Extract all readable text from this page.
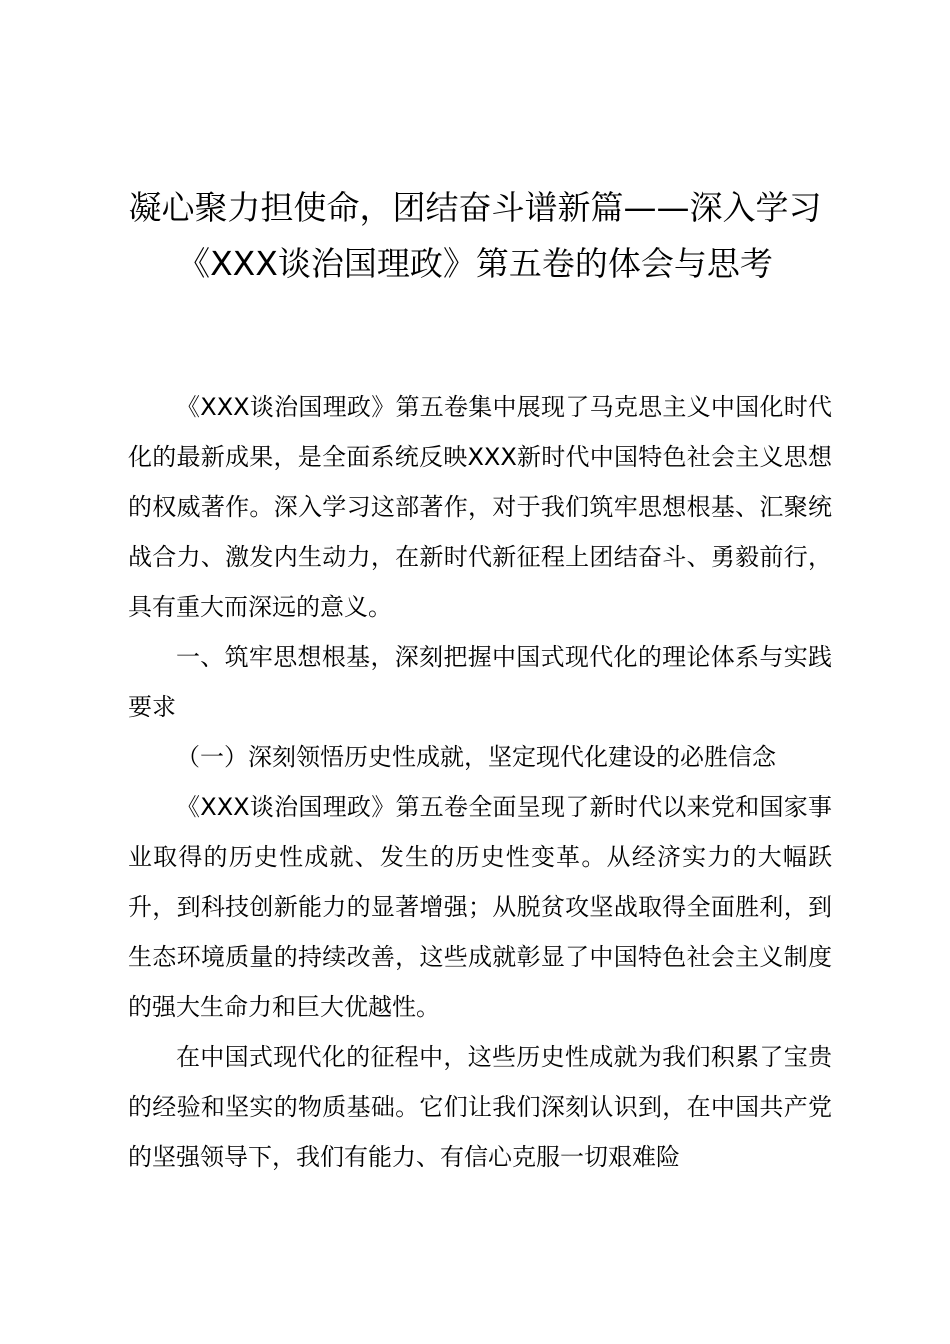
凝心聚力担使命，团结奋斗谱新篇——深入学习《XXX谈治国理政》第五卷的体会与思考

《XXX谈治国理政》第五卷集中展现了马克思主义中国化时代化的最新成果，是全面系统反映XXX新时代中国特色社会主义思想的权威著作。深入学习这部著作，对于我们筑牢思想根基、汇聚统战合力、激发内生动力，在新时代新征程上团结奋斗、勇毅前行，具有重大而深远的意义。

一、筑牢思想根基，深刻把握中国式现代化的理论体系与实践要求

（一）深刻领悟历史性成就，坚定现代化建设的必胜信念

《XXX谈治国理政》第五卷全面呈现了新时代以来党和国家事业取得的历史性成就、发生的历史性变革。从经济实力的大幅跃升，到科技创新能力的显著增强；从脱贫攻坚战取得全面胜利，到生态环境质量的持续改善，这些成就彰显了中国特色社会主义制度的强大生命力和巨大优越性。

在中国式现代化的征程中，这些历史性成就为我们积累了宝贵的经验和坚实的物质基础。它们让我们深刻认识到，在中国共产党的坚强领导下，我们有能力、有信心克服一切艰难险
